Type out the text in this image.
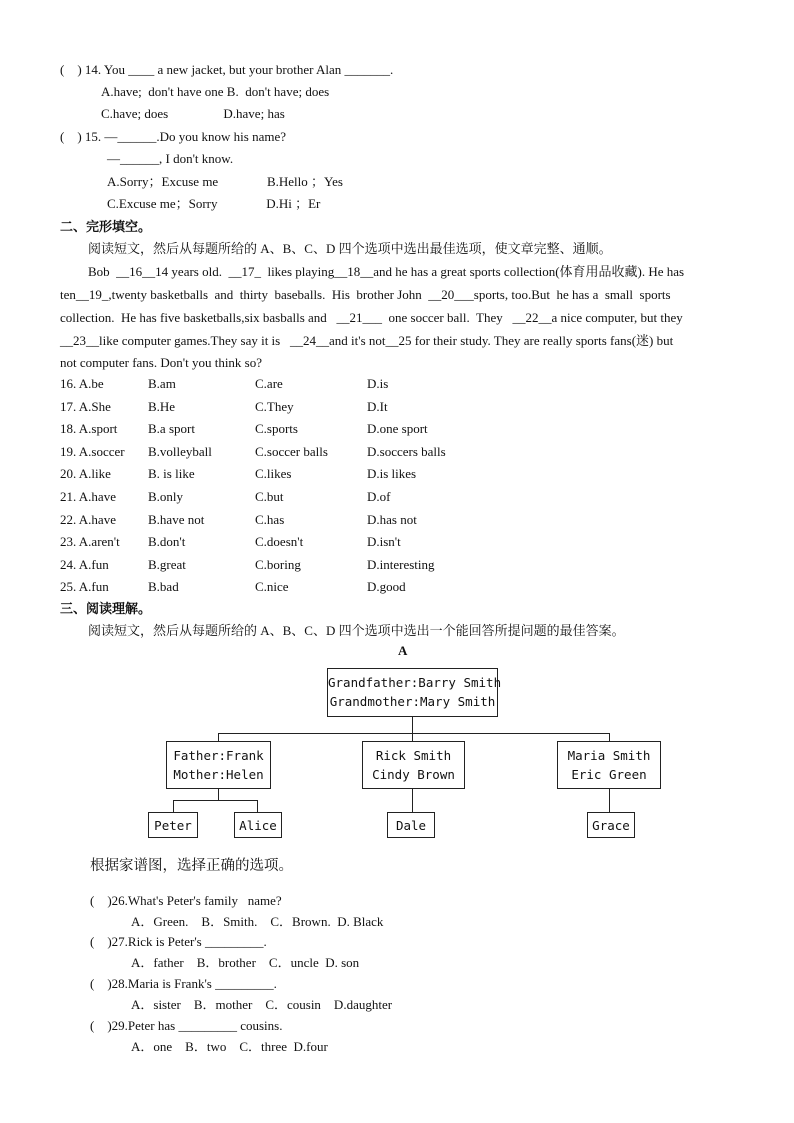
(    ) 14. You ____ a new jacket, but your brother Alan _______.
A.have;  don't have one B.  don't have; does
C.have; does                 D.have; has
(    ) 15. —______.Do you know his name?
—______, I don't know.
A.Sorry；Excuse me               B.Hello ；Yes
C.Excuse me；Sorry               D.Hi ；Er
二、完形填空。
阅读短文，然后从每题所给的 A、B、C、D 四个选项中选出最佳选项，使文章完整、通顺。
Bob  __16__14 years old.  __17_  likes playing__18__and he has a great sports collection(体育用品收藏). He has
ten__19_,twenty basketballs  and  thirty  baseballs.  His  brother John  __20___sports, too.But  he has a  small  sports
collection.  He has five basketballs,six basballs and   __21___  one soccer ball.  They   __22__a nice computer, but they
__23__like computer games.They say it is   __24__and it's not__25 for their study. They are really sports fans(迷) but
not computer fans. Don't you think so?
16. A.be	B.am	C.are	D.is
17. A.She	B.He	C.They	D.It
18. A.sport B.a sport	C.sports	D.one sport
19. A.soccer B.volleyball	C.soccer balls	D.soccers balls
20. A.like	B. is like	C.likes	D.is likes
21. A.have B.only	C.but	D.of
22. A.have B.have not	C.has	D.has not
23. A.aren't B.don't	C.doesn't	D.isn't
24. A.fun	B.great	C.boring	D.interesting
25. A.fun	B.bad	C.nice	D.good
三、阅读理解。
阅读短文，然后从每题所给的 A、B、C、D 四个选项中选出一个能回答所提问题的最佳答案。
A
Grandfather:Barry Smith
Grandmother:Mary Smith
Father:Frank
Mother:Helen
Rick Smith
Cindy Brown
Maria Smith
Eric Green
Peter	Alice	Dale	Grace
根据家谱图，选择正确的选项。
(    )26.What's Peter's family   name?
A．Green.    B．Smith.    C．Brown.  D. Black
(    )27.Rick is Peter's _________.
A．father    B．brother    C．uncle  D. son
(    )28.Maria is Frank's _________.
A．sister    B．mother    C．cousin    D.daughter
(    )29.Peter has _________ cousins.
A．one    B．two    C．three  D.four
